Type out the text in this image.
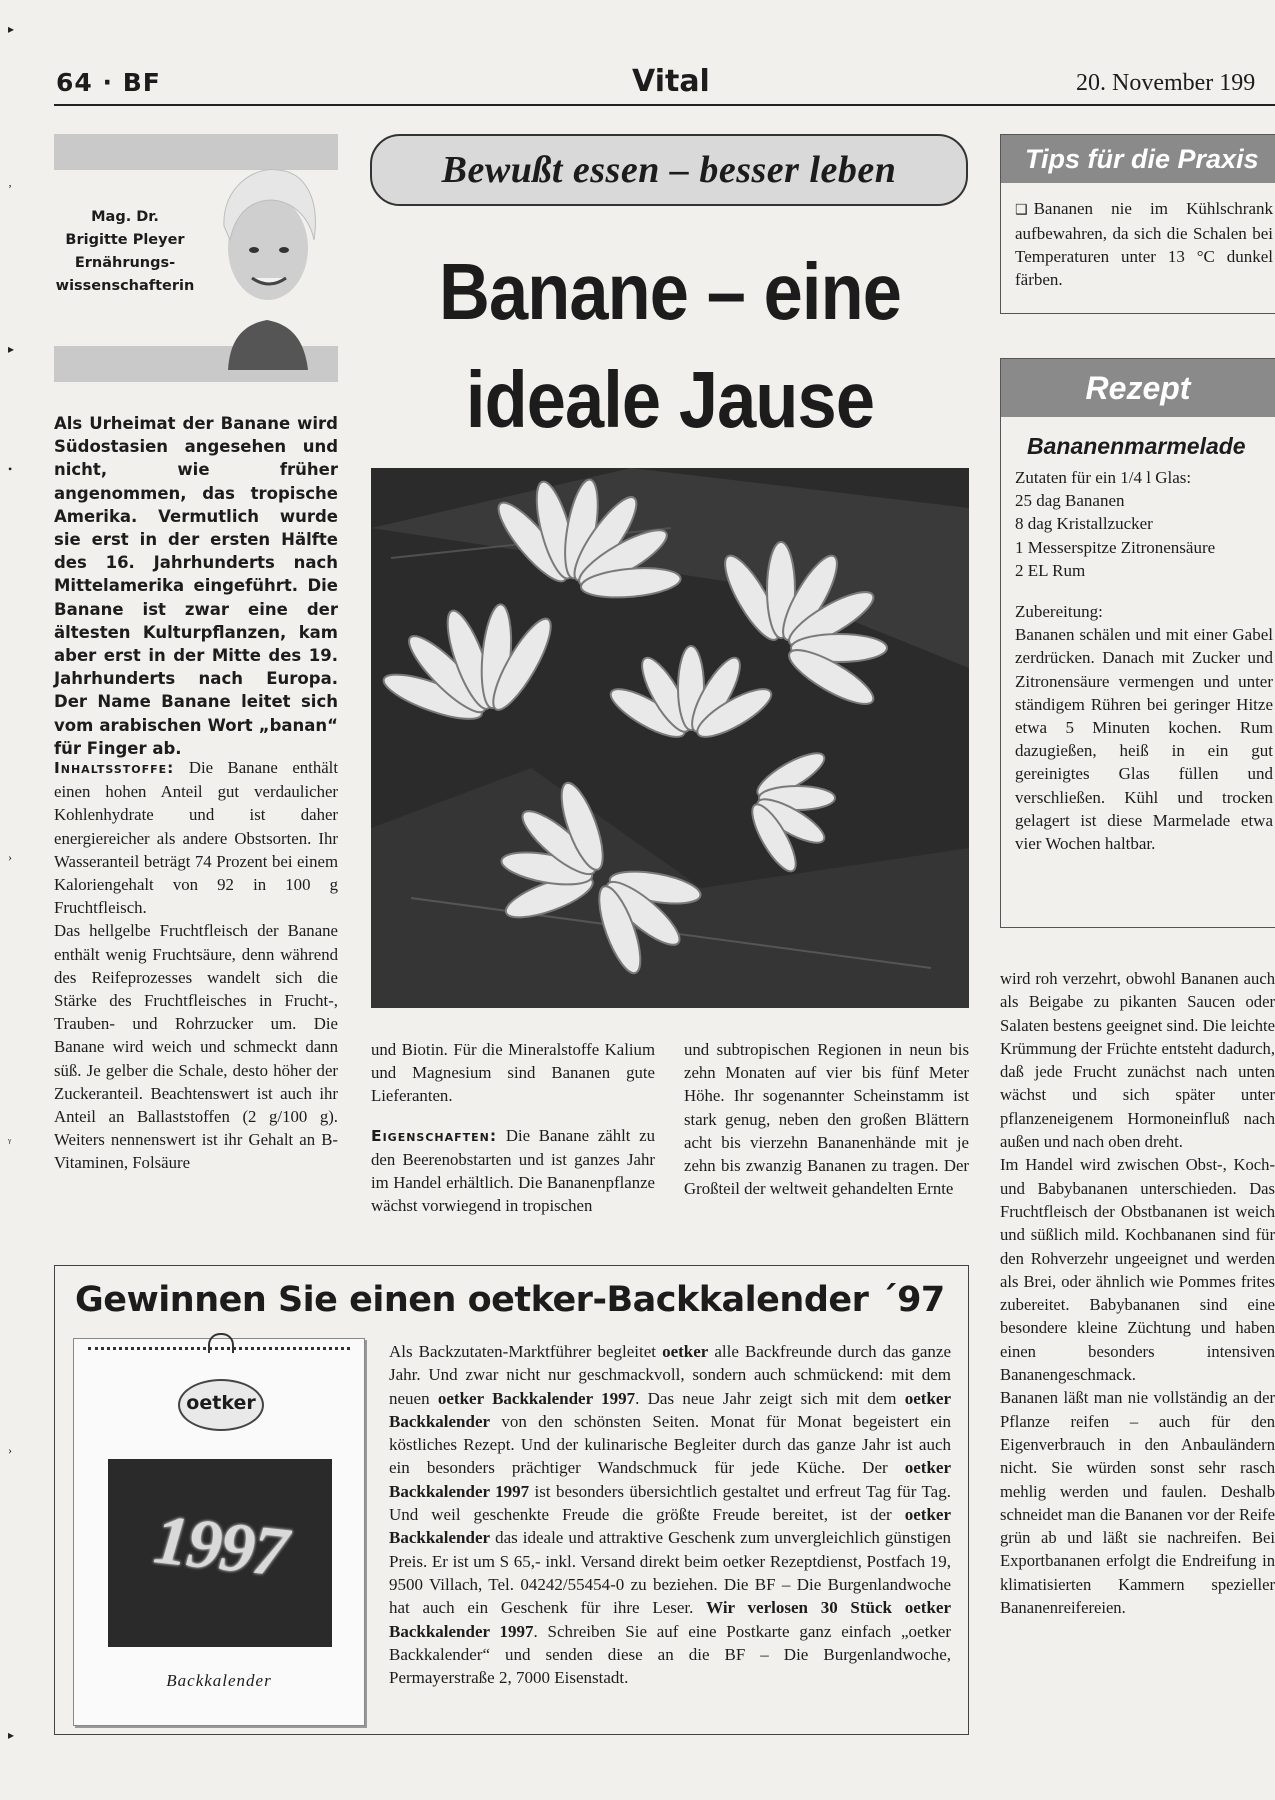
▸
ʼ
▸
•
›
ᵞ
›
▸
64 · BF	Vital	20. November 199
Mag. Dr.
Brigitte Pleyer
Ernährungs-
wissenschafterin
Bewußt essen – besser leben
Banane – eine
ideale Jause
Als Urheimat der Banane wird Südostasien angesehen und nicht, wie früher angenommen, das tropische Amerika. Vermutlich wurde sie erst in der ersten Hälfte des 16. Jahrhunderts nach Mittelamerika eingeführt. Die Banane ist zwar eine der ältesten Kulturpflanzen, kam aber erst in der Mitte des 19. Jahrhunderts nach Europa. Der Name Banane leitet sich vom arabischen Wort „banan“ für Finger ab.

Inhaltsstoffe: Die Banane enthält einen hohen Anteil gut verdaulicher Kohlenhydrate und ist daher energiereicher als andere Obstsorten. Ihr Wasseranteil beträgt 74 Prozent bei einem Kaloriengehalt von 92 in 100 g Fruchtfleisch.

Das hellgelbe Fruchtfleisch der Banane enthält wenig Fruchtsäure, denn während des Reifeprozesses wandelt sich die Stärke des Fruchtfleisches in Frucht-, Trauben- und Rohrzucker um. Die Banane wird weich und schmeckt dann süß. Je gelber die Schale, desto höher der Zuckeranteil. Beachtenswert ist auch ihr Anteil an Ballaststoffen (2 g/100 g). Weiters nennenswert ist ihr Gehalt an B-Vitaminen, Folsäure

und Biotin. Für die Mineralstoffe Kalium und Magnesium sind Bananen gute Lieferanten.

Eigenschaften: Die Banane zählt zu den Beerenobstarten und ist ganzes Jahr im Handel erhältlich. Die Bananenpflanze wächst vorwiegend in tropischen

und subtropischen Regionen in neun bis zehn Monaten auf vier bis fünf Meter Höhe. Ihr sogenannter Scheinstamm ist stark genug, neben den großen Blättern acht bis vierzehn Bananenhände mit je zehn bis zwanzig Bananen zu tragen. Der Großteil der weltweit gehandelten Ernte

Tips für die Praxis
❑ Bananen nie im Kühlschrank aufbewahren, da sich die Schalen bei Temperaturen unter 13 °C dunkel färben.
Rezept
Bananenmarmelade
Zutaten für ein 1/4 l Glas:
25 dag Bananen
8 dag Kristallzucker
1 Messerspitze Zitronensäure
2 EL Rum
Zubereitung:
Bananen schälen und mit einer Gabel zerdrücken. Danach mit Zucker und Zitronensäure vermengen und unter ständigem Rühren bei geringer Hitze etwa 5 Minuten kochen. Rum dazugießen, heiß in ein gut gereinigtes Glas füllen und verschließen. Kühl und trocken gelagert ist diese Marmelade etwa vier Wochen haltbar.

wird roh verzehrt, obwohl Bananen auch als Beigabe zu pikanten Saucen oder Salaten bestens geeignet sind. Die leichte Krümmung der Früchte entsteht dadurch, daß jede Frucht zunächst nach unten wächst und sich später unter pflanzeneigenem Hormoneinfluß nach außen und nach oben dreht.

Im Handel wird zwischen Obst-, Koch- und Babybananen unterschieden. Das Fruchtfleisch der Obstbananen ist weich und süßlich mild. Kochbananen sind für den Rohverzehr ungeeignet und werden als Brei, oder ähnlich wie Pommes frites zubereitet. Babybananen sind eine besondere kleine Züchtung und haben einen besonders intensiven Bananengeschmack.

Bananen läßt man nie vollständig an der Pflanze reifen – auch für den Eigenverbrauch in den Anbauländern nicht. Sie würden sonst sehr rasch mehlig werden und faulen. Deshalb schneidet man die Bananen vor der Reife grün ab und läßt sie nachreifen. Bei Exportbananen erfolgt die Endreifung in klimatisierten Kammern spezieller Bananenreifereien.

Gewinnen Sie einen oetker-Backkalender ´97
oetker
1997
Backkalender
Als Backzutaten-Marktführer begleitet oetker alle Backfreunde durch das ganze Jahr. Und zwar nicht nur geschmackvoll, sondern auch schmückend: mit dem neuen oetker Backkalender 1997. Das neue Jahr zeigt sich mit dem oetker Backkalender von den schönsten Seiten. Monat für Monat begeistert ein köstliches Rezept. Und der kulinarische Begleiter durch das ganze Jahr ist auch ein besonders prächtiger Wandschmuck für jede Küche. Der oetker Backkalender 1997 ist besonders übersichtlich gestaltet und erfreut Tag für Tag. Und weil geschenkte Freude die größte Freude bereitet, ist der oetker Backkalender das ideale und attraktive Geschenk zum unvergleichlich günstigen Preis. Er ist um S 65,- inkl. Versand direkt beim oetker Rezeptdienst, Postfach 19, 9500 Villach, Tel. 04242/55454-0 zu beziehen. Die BF – Die Burgenlandwoche hat auch ein Geschenk für ihre Leser. Wir verlosen 30 Stück oetker Backkalender 1997. Schreiben Sie auf eine Postkarte ganz einfach „oetker Backkalender“ und senden diese an die BF – Die Burgenlandwoche, Permayerstraße 2, 7000 Eisenstadt.
